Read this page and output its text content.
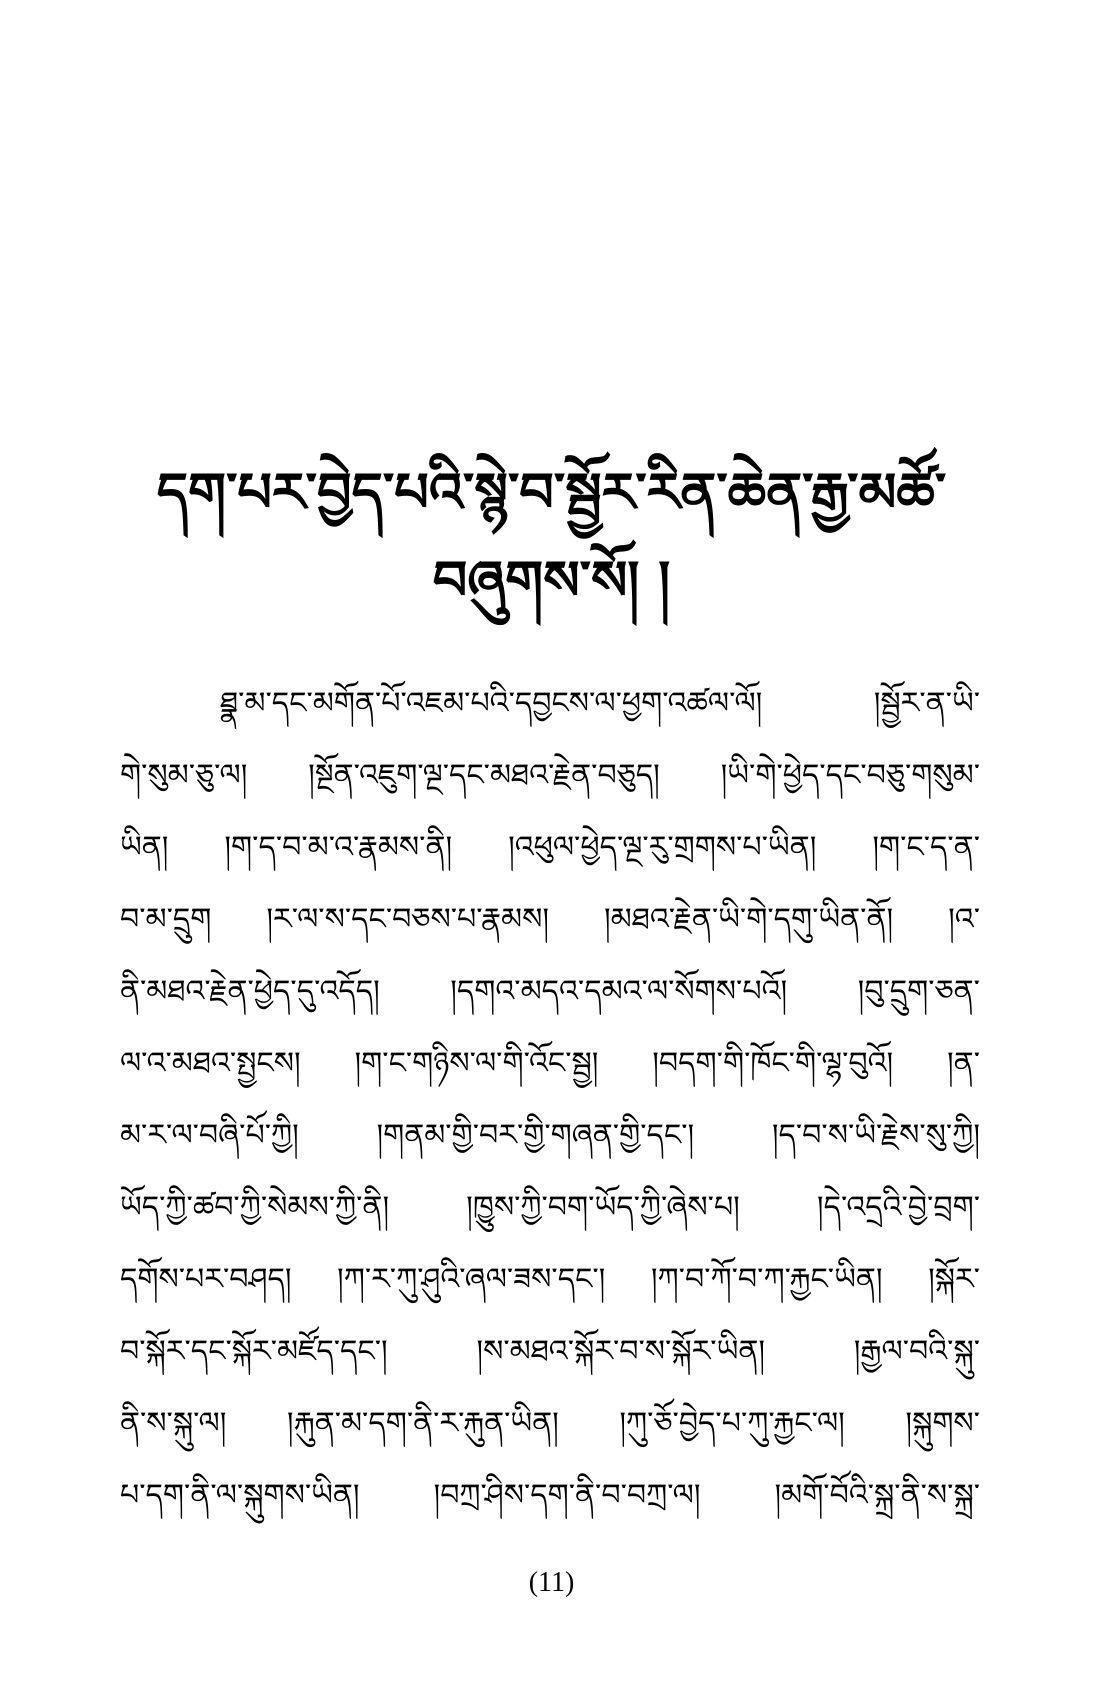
དག་པར་བྱེད་པའི་སྙེ་བ་སྦྱོར་རིན་ཆེན་རྒྱ་མཚོ་
བཞུགས་སོ། །
ཐྣ་མ་དང་མགོན་པོ་འཇམ་པའི་དབྱངས་ལ་ཕྱག་འཚལ་ལོ། །སྦྱོར་ན་ཡི་
གེ་སུམ་ཅུ་ལ། །སྔོན་འཇུག་ལྔ་དང་མཐའ་རྗེན་བཅུད། །ཡི་གེ་ཕྱེད་དང་བཅུ་གསུམ་
ཡིན། །ག་ད་བ་མ་འ་རྣམས་ནི། །འཕུལ་ཕྱེད་ལྔ་རུ་གྲགས་པ་ཡིན། །ག་ང་ད་ན་
བ་མ་དྲུག །ར་ལ་ས་དང་བཅས་པ་རྣམས། །མཐའ་རྗེན་ཡི་གེ་དགུ་ཡིན་ནོ། །འ་
ནི་མཐའ་རྗེན་ཕྱེད་དུ་འདོད། །དགའ་མདའ་དམའ་ལ་སོགས་པའོ། །བུ་དྲུག་ཅན་
ལ་འ་མཐའ་སྤྱངས། །ག་ང་གཉིས་ལ་གི་འོང་སྦྱ། །བདག་གི་ཁོང་གི་ལྷ་བུའོ། །ན་
མ་ར་ལ་བཞི་པོ་ཀྱི། །གནམ་གྱི་བར་གྱི་གཞན་གྱི་དང་། །ད་བ་ས་ཡི་རྗེས་སུ་ཀྱི།
ཡོད་ཀྱི་ཚབ་ཀྱི་སེམས་ཀྱི་ནི། །ཁྱུས་ཀྱི་བག་ཡོད་ཀྱི་ཞེས་པ། །དེ་འདྲའི་བྱེ་བྲག་
དགོས་པར་བཤད། །ཀ་ར་ཀུ་ཤུའི་ཞལ་ཟས་དང་། །ཀ་བ་ཀོ་བ་ཀ་རྐྱང་ཡིན། །སྐོར་
བ་སྐོར་དང་སྐོར་མཛོད་དང་། །ས་མཐའ་སྐོར་བ་ས་སྐོར་ཡིན། །རྒྱལ་བའི་སྐུ་
ནི་ས་སྐུ་ལ། །རྐུན་མ་དག་ནི་ར་རྐུན་ཡིན། །ཀུ་ཅོ་བྱེད་པ་ཀུ་རྐྱང་ལ། །སྐུགས་
པ་དག་ནི་ལ་སྐུགས་ཡིན། །བཀྲ་ཤིས་དག་ནི་བ་བཀྲ་ལ། །མགོ་བོའི་སྐྲ་ནི་ས་སྐྲ་
(11)
